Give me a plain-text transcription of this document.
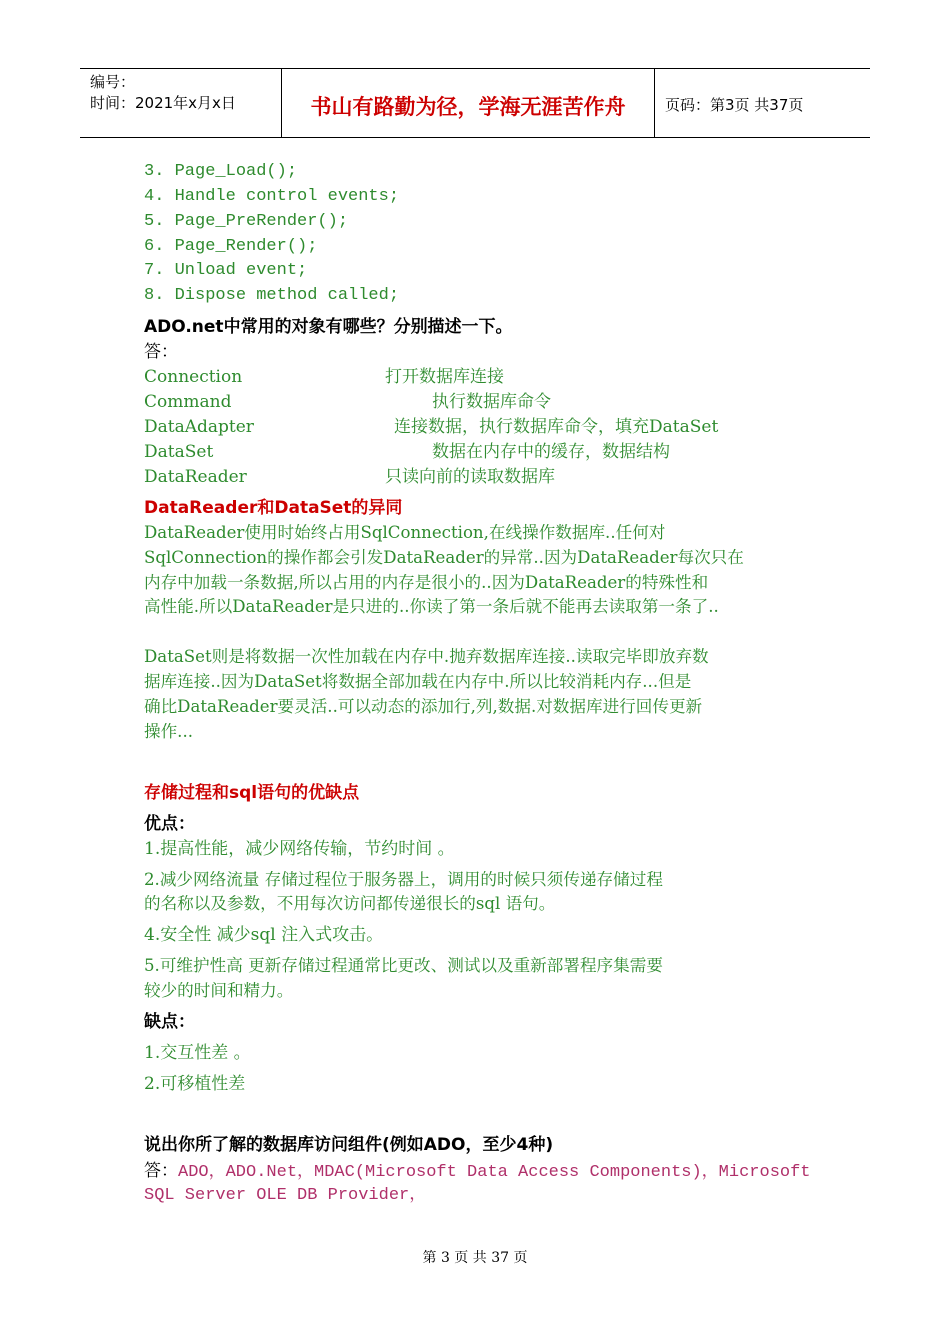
编号：
时间：2021年x月x日	书山有路勤为径，学海无涯苦作舟	页码：第3页 共37页
3. Page_Load();
4. Handle control events;
5. Page_PreRender();
6. Page_Render();
7. Unload event;
8. Dispose method called;
ADO.net中常用的对象有哪些？分别描述一下。
答：
Connection	打开数据库连接
Command	执行数据库命令
DataAdapter	连接数据，执行数据库命令，填充DataSet
DataSet	数据在内存中的缓存，数据结构
DataReader	只读向前的读取数据库
DataReader和DataSet的异同
DataReader使用时始终占用SqlConnection,在线操作数据库..任何对
SqlConnection的操作都会引发DataReader的异常..因为DataReader每次只在
内存中加载一条数据,所以占用的内存是很小的..因为DataReader的特殊性和
高性能.所以DataReader是只进的..你读了第一条后就不能再去读取第一条了..
DataSet则是将数据一次性加载在内存中.抛弃数据库连接..读取完毕即放弃数
据库连接..因为DataSet将数据全部加载在内存中.所以比较消耗内存...但是
确比DataReader要灵活..可以动态的添加行,列,数据.对数据库进行回传更新
操作...
存储过程和sql语句的优缺点
优点：
1.提高性能，减少网络传输，节约时间 。
2.减少网络流量 存储过程位于服务器上，调用的时候只须传递存储过程
的名称以及参数，不用每次访问都传递很长的sql 语句。
4.安全性 减少sql 注入式攻击。
5.可维护性高 更新存储过程通常比更改、测试以及重新部署程序集需要
较少的时间和精力。
缺点：
1.交互性差 。
2.可移植性差
说出你所了解的数据库访问组件(例如ADO，至少4种)
答：ADO，ADO.Net，MDAC(Microsoft Data Access Components)，Microsoft
SQL Server OLE DB Provider，
第 3 页 共 37 页
